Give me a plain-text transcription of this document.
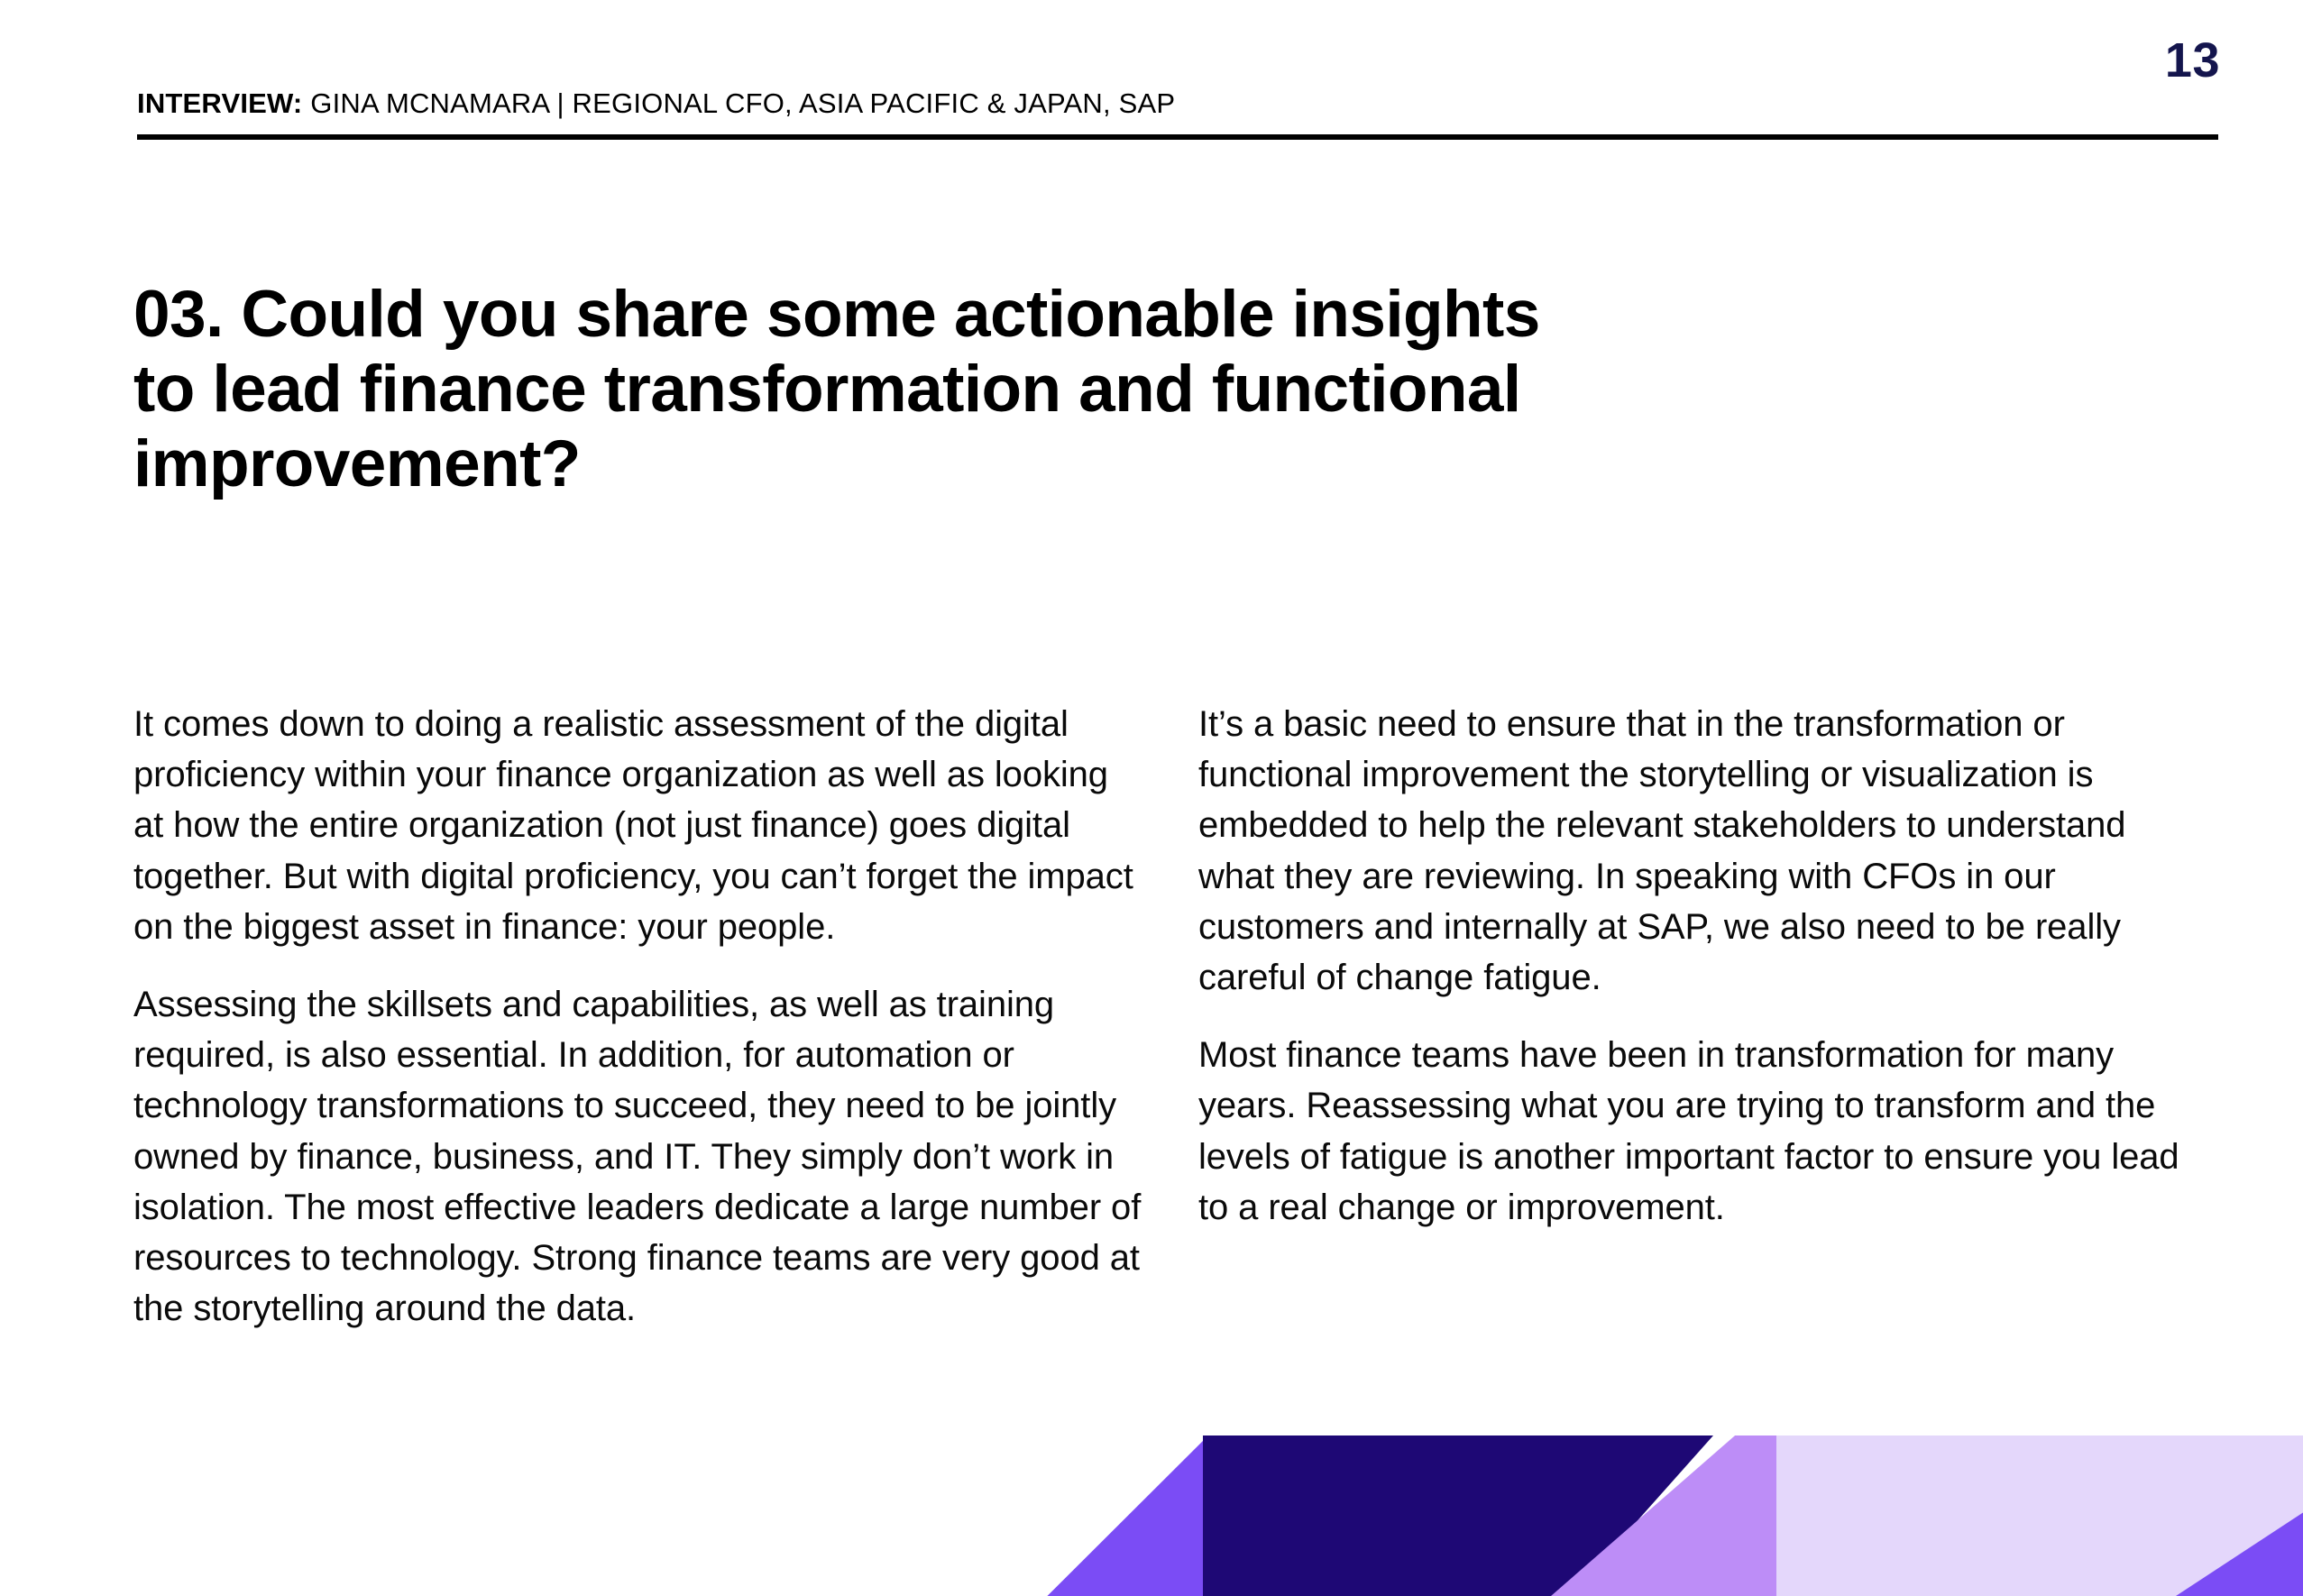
13
INTERVIEW: GINA MCNAMARA | REGIONAL CFO, ASIA PACIFIC & JAPAN, SAP
03. Could you share some actionable insights to lead finance transformation and functional improvement?

It comes down to doing a realistic assessment of the digital proficiency within your finance organization as well as looking at how the entire organization (not just finance) goes digital together. But with digital proficiency, you can’t forget the impact on the biggest asset in finance: your people.

Assessing the skillsets and capabilities, as well as training required, is also essential. In addition, for automation or technology transformations to succeed, they need to be jointly owned by finance, business, and IT. They simply don’t work in isolation. The most effective leaders dedicate a large number of resources to technology. Strong finance teams are very good at the storytelling around the data.

It’s a basic need to ensure that in the transformation or functional improvement the storytelling or visualization is embedded to help the relevant stakeholders to understand what they are reviewing. In speaking with CFOs in our customers and internally at SAP, we also need to be really careful of change fatigue.

Most finance teams have been in transformation for many years. Reassessing what you are trying to transform and the levels of fatigue is another important factor to ensure you lead to a real change or improvement.
